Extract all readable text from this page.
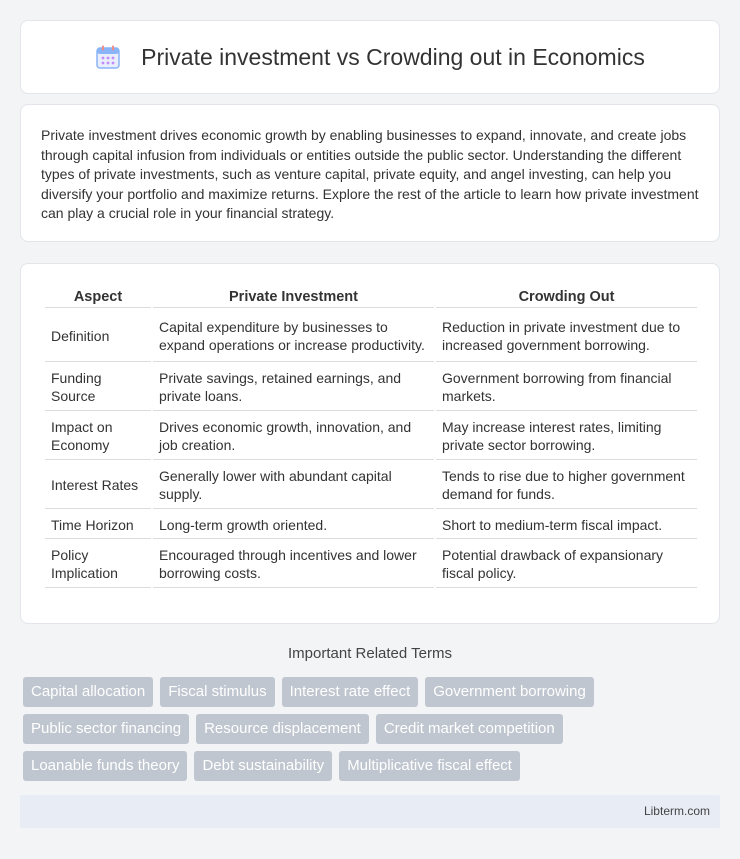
Private investment vs Crowding out in Economics

Private investment drives economic growth by enabling businesses to expand, innovate, and create jobs through capital infusion from individuals or entities outside the public sector. Understanding the different types of private investments, such as venture capital, private equity, and angel investing, can help you diversify your portfolio and maximize returns. Explore the rest of the article to learn how private investment can play a crucial role in your financial strategy.

Aspect	Private Investment	Crowding Out
Definition	Capital expenditure by businesses to expand operations or increase productivity.	Reduction in private investment due to increased government borrowing.
Funding Source	Private savings, retained earnings, and private loans.	Government borrowing from financial markets.
Impact on Economy	Drives economic growth, innovation, and job creation.	May increase interest rates, limiting private sector borrowing.
Interest Rates	Generally lower with abundant capital supply.	Tends to rise due to higher government demand for funds.
Time Horizon	Long-term growth oriented.	Short to medium-term fiscal impact.
Policy Implication	Encouraged through incentives and lower borrowing costs.	Potential drawback of expansionary fiscal policy.
Important Related Terms
Capital allocation	Fiscal stimulus	Interest rate effect	Government borrowing
Public sector financing	Resource displacement	Credit market competition
Loanable funds theory	Debt sustainability	Multiplicative fiscal effect
Libterm.com
